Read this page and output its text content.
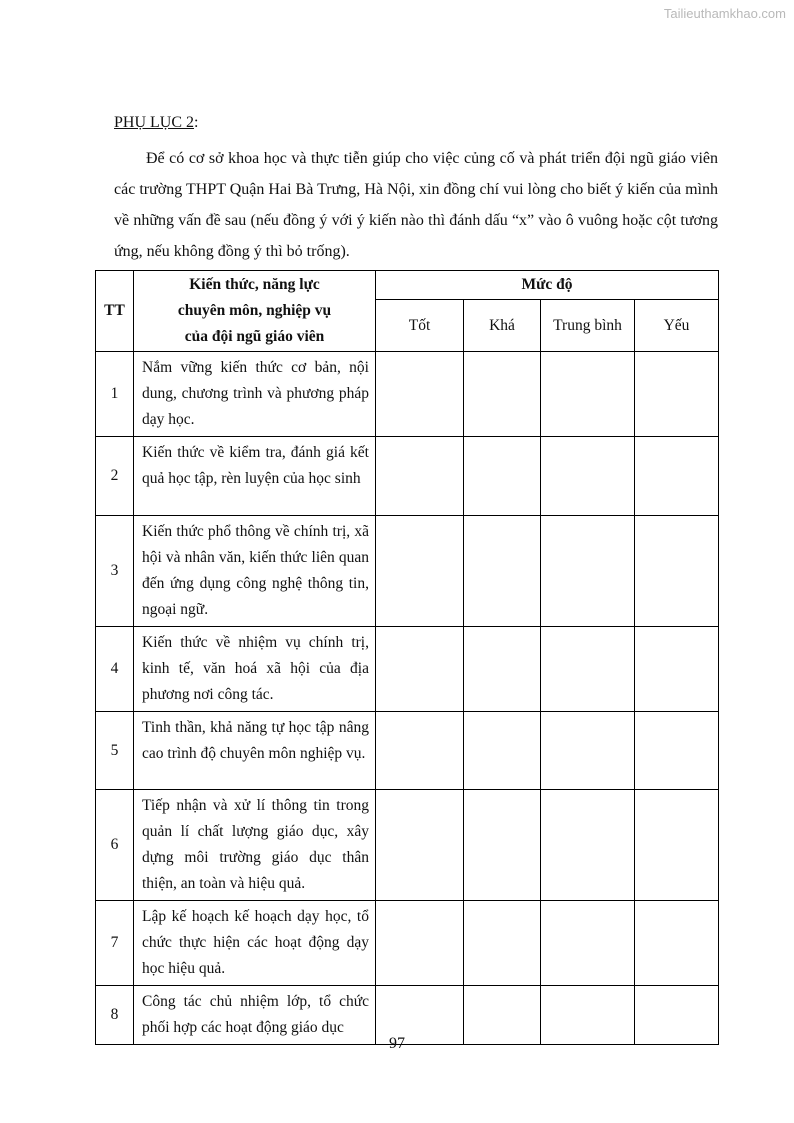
Tailieuthamkhao.com
PHỤ LỤC 2:

Để có cơ sở khoa học và thực tiễn giúp cho việc củng cố và phát triển đội ngũ giáo viên các trường THPT Quận Hai Bà Trưng, Hà Nội, xin đồng chí vui lòng cho biết ý kiến của mình về những vấn đề sau (nếu đồng ý với ý kiến nào thì đánh dấu “x” vào ô vuông hoặc cột tương ứng, nếu không đồng ý thì bỏ trống).

TT	Kiến thức, năng lực
chuyên môn, nghiệp vụ
của đội ngũ giáo viên	Mức độ			
		Tốt	Khá	Trung bình	Yếu
1	Nắm vững kiến thức cơ bản, nội dung, chương trình và phương pháp dạy học.				
2	Kiến thức về kiểm tra, đánh giá kết quả học tập, rèn luyện của học sinh				
3	Kiến thức phổ thông về chính trị, xã hội và nhân văn, kiến thức liên quan đến ứng dụng công nghệ thông tin, ngoại ngữ.				
4	Kiến thức về nhiệm vụ chính trị, kinh tế, văn hoá xã hội của địa phương nơi công tác.				
5	Tinh thần, khả năng tự học tập nâng cao trình độ chuyên môn nghiệp vụ.				
6	Tiếp nhận và xử lí thông tin trong quản lí chất lượng giáo dục, xây dựng môi trường giáo dục thân thiện, an toàn và hiệu quả.				
7	Lập kế hoạch kế hoạch dạy học, tổ chức thực hiện các hoạt động dạy học hiệu quả.				
8	Công tác chủ nhiệm lớp, tổ chức phối hợp các hoạt động giáo dục				
97
